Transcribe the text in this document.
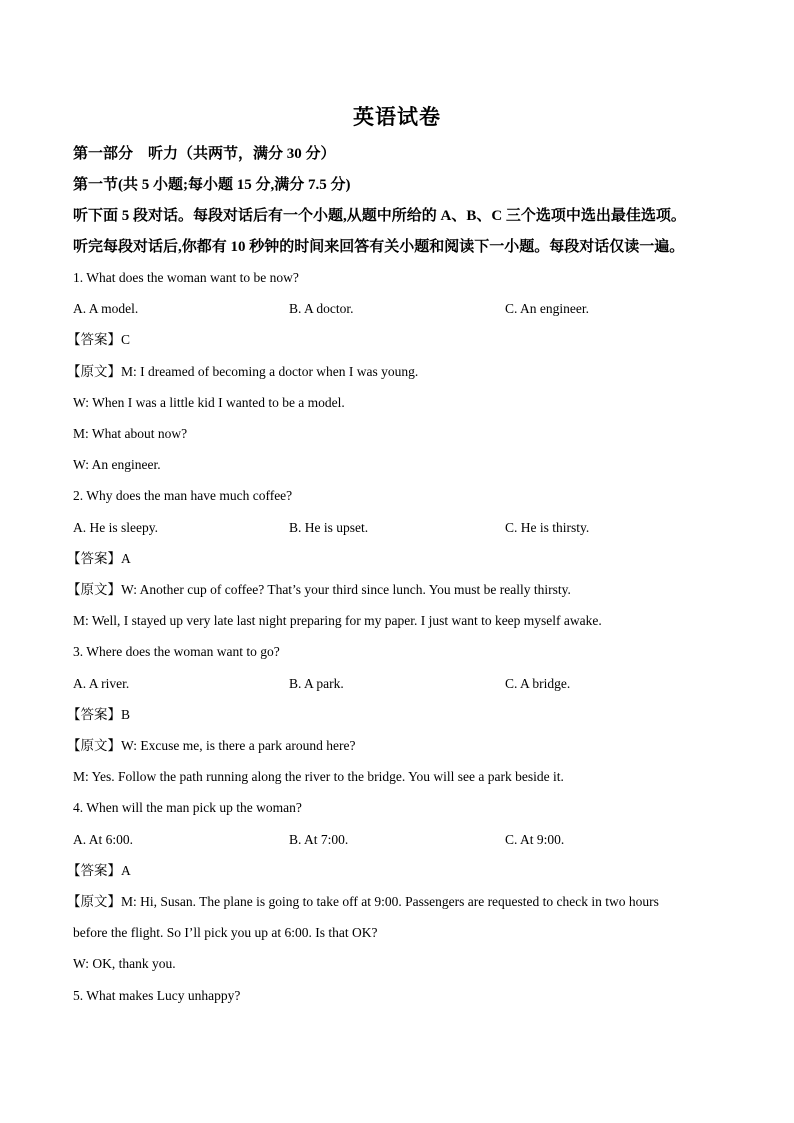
英语试卷
第一部分　听力（共两节，满分 30 分）
第一节(共 5 小题;每小题 15 分,满分 7.5 分)
听下面 5 段对话。每段对话后有一个小题,从题中所给的 A、B、C 三个选项中选出最佳选项。
听完每段对话后,你都有 10 秒钟的时间来回答有关小题和阅读下一小题。每段对话仅读一遍。
1. What does the woman want to be now?
A. A model.	B. A doctor.	C. An engineer.
【答案】C
【原文】M: I dreamed of becoming a doctor when I was young.
W: When I was a little kid I wanted to be a model.
M: What about now?
W: An engineer.
2. Why does the man have much coffee?
A. He is sleepy.	B. He is upset.	C. He is thirsty.
【答案】A
【原文】W: Another cup of coffee? That’s your third since lunch. You must be really thirsty.
M: Well, I stayed up very late last night preparing for my paper. I just want to keep myself awake.
3. Where does the woman want to go?
A. A river.	B. A park.	C. A bridge.
【答案】B
【原文】W: Excuse me, is there a park around here?
M: Yes. Follow the path running along the river to the bridge. You will see a park beside it.
4. When will the man pick up the woman?
A. At 6:00.	B. At 7:00.	C. At 9:00.
【答案】A
【原文】M: Hi, Susan. The plane is going to take off at 9:00. Passengers are requested to check in two hours
before the flight. So I’ll pick you up at 6:00. Is that OK?
W: OK, thank you.
5. What makes Lucy unhappy?
